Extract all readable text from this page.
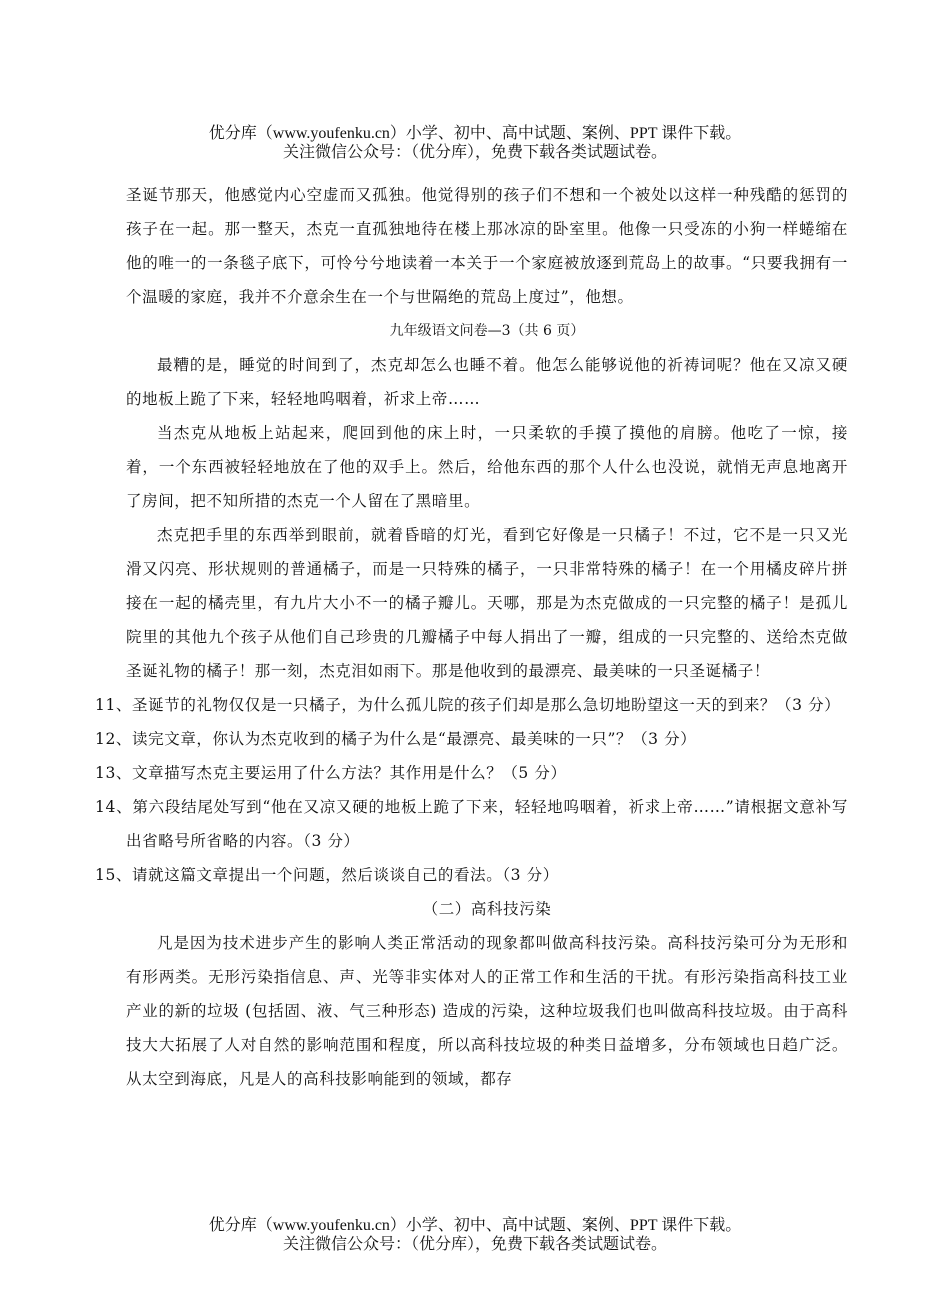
优分库（www.youfenku.cn）小学、初中、高中试题、案例、PPT 课件下载。
关注微信公众号：（优分库），免费下载各类试题试卷。

圣诞节那天，他感觉内心空虚而又孤独。他觉得别的孩子们不想和一个被处以这样一种残酷的惩罚的孩子在一起。那一整天，杰克一直孤独地待在楼上那冰凉的卧室里。他像一只受冻的小狗一样蜷缩在他的唯一的一条毯子底下，可怜兮兮地读着一本关于一个家庭被放逐到荒岛上的故事。“只要我拥有一个温暖的家庭，我并不介意余生在一个与世隔绝的荒岛上度过”，他想。

九年级语文问卷—3（共 6 页）

最糟的是，睡觉的时间到了，杰克却怎么也睡不着。他怎么能够说他的祈祷词呢？他在又凉又硬的地板上跪了下来，轻轻地呜咽着，祈求上帝……

当杰克从地板上站起来，爬回到他的床上时，一只柔软的手摸了摸他的肩膀。他吃了一惊，接着，一个东西被轻轻地放在了他的双手上。然后，给他东西的那个人什么也没说，就悄无声息地离开了房间，把不知所措的杰克一个人留在了黑暗里。

杰克把手里的东西举到眼前，就着昏暗的灯光，看到它好像是一只橘子！不过，它不是一只又光滑又闪亮、形状规则的普通橘子，而是一只特殊的橘子，一只非常特殊的橘子！在一个用橘皮碎片拼接在一起的橘壳里，有九片大小不一的橘子瓣儿。天哪，那是为杰克做成的一只完整的橘子！是孤儿院里的其他九个孩子从他们自己珍贵的几瓣橘子中每人捐出了一瓣，组成的一只完整的、送给杰克做圣诞礼物的橘子！那一刻，杰克泪如雨下。那是他收到的最漂亮、最美味的一只圣诞橘子！

11、圣诞节的礼物仅仅是一只橘子，为什么孤儿院的孩子们却是那么急切地盼望这一天的到来？（3 分）

12、读完文章，你认为杰克收到的橘子为什么是“最漂亮、最美味的一只”？（3 分）

13、文章描写杰克主要运用了什么方法？其作用是什么？（5 分）

14、第六段结尾处写到“他在又凉又硬的地板上跪了下来，轻轻地呜咽着，祈求上帝……”请根据文意补写出省略号所省略的内容。（3 分）

15、请就这篇文章提出一个问题，然后谈谈自己的看法。（3 分）

（二）高科技污染

凡是因为技术进步产生的影响人类正常活动的现象都叫做高科技污染。高科技污染可分为无形和有形两类。无形污染指信息、声、光等非实体对人的正常工作和生活的干扰。有形污染指高科技工业产业的新的垃圾 (包括固、液、气三种形态) 造成的污染，这种垃圾我们也叫做高科技垃圾。由于高科技大大拓展了人对自然的影响范围和程度，所以高科技垃圾的种类日益增多，分布领域也日趋广泛。从太空到海底，凡是人的高科技影响能到的领域，都存

优分库（www.youfenku.cn）小学、初中、高中试题、案例、PPT 课件下载。
关注微信公众号：（优分库），免费下载各类试题试卷。
